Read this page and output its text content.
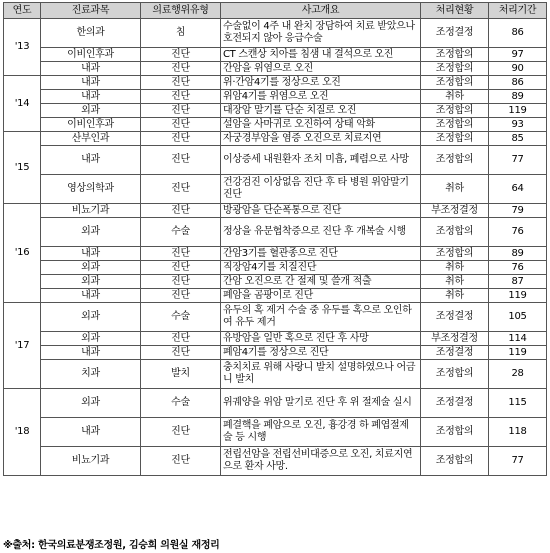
연도	진료과목	의료행위유형	사고개요	처리현황	처리기간
'13	한의과	침	수술없이 4주 내 완치 장담하여 치료 받았으나 호전되지 않아 응급수술	조정결정	86
	이비인후과	진단	CT 스캔상 치아를 침샘 내 결석으로 오진	조정합의	97
	내과	진단	간암을 위염으로 오진	조정합의	90
'14	내과	진단	위·간암4기를 정상으로 오진	조정합의	86
	내과	진단	위암4기를 위염으로 오진	취하	89
	외과	진단	대장암 말기를 단순 치질로 오진	조정합의	119
	이비인후과	진단	설암을 사마귀로 오진하여 상태 악화	조정합의	93
'15	산부인과	진단	자궁경부암을 염증 오진으로 치료지연	조정합의	85
	내과	진단	이상증세 내원환자 조치 미흡, 폐렴으로 사망	조정합의	77
	영상의학과	진단	건강검진 이상없음 진단 후 타 병원 위암말기 진단	취하	64
'16	비뇨기과	진단	방광암을 단순폭통으로 진단	부조정결정	79
	외과	수술	정상을 유문협착증으로 진단 후 개복술 시행	조정합의	76
	내과	진단	간암3기를 혈관종으로 진단	조정합의	89
	외과	진단	직장암4기를 치질진단	취하	76
	외과	진단	간암 오진으로 간 절제 및 쓸개 적출	취하	87
	내과	진단	폐암을 곰팡이로 진단	취하	119
'17	외과	수술	유두의 혹 제거 수술 중 유두를 혹으로 오인하여 유두 제거	조정결정	105
	외과	진단	유방암을 일반 혹으로 진단 후 사망	부조정결정	114
	내과	진단	폐암4기를 정상으로 진단	조정결정	119
	치과	발치	충치치료 위해 사랑니 발치 설명하였으나 어금니 발치	조정합의	28
'18	외과	수술	위궤양을 위암 말기로 진단 후 위 절제술 실시	조정결정	115
	내과	진단	폐결핵을 폐암으로 오진, 흉강경 하 폐엽절제술 등 시행	조정합의	118
	비뇨기과	진단	전립선암을 전립선비대증으로 오진, 치료지연으로 환자 사망.	조정합의	77
※출처: 한국의료분쟁조정원, 김승희 의원실 재정리
